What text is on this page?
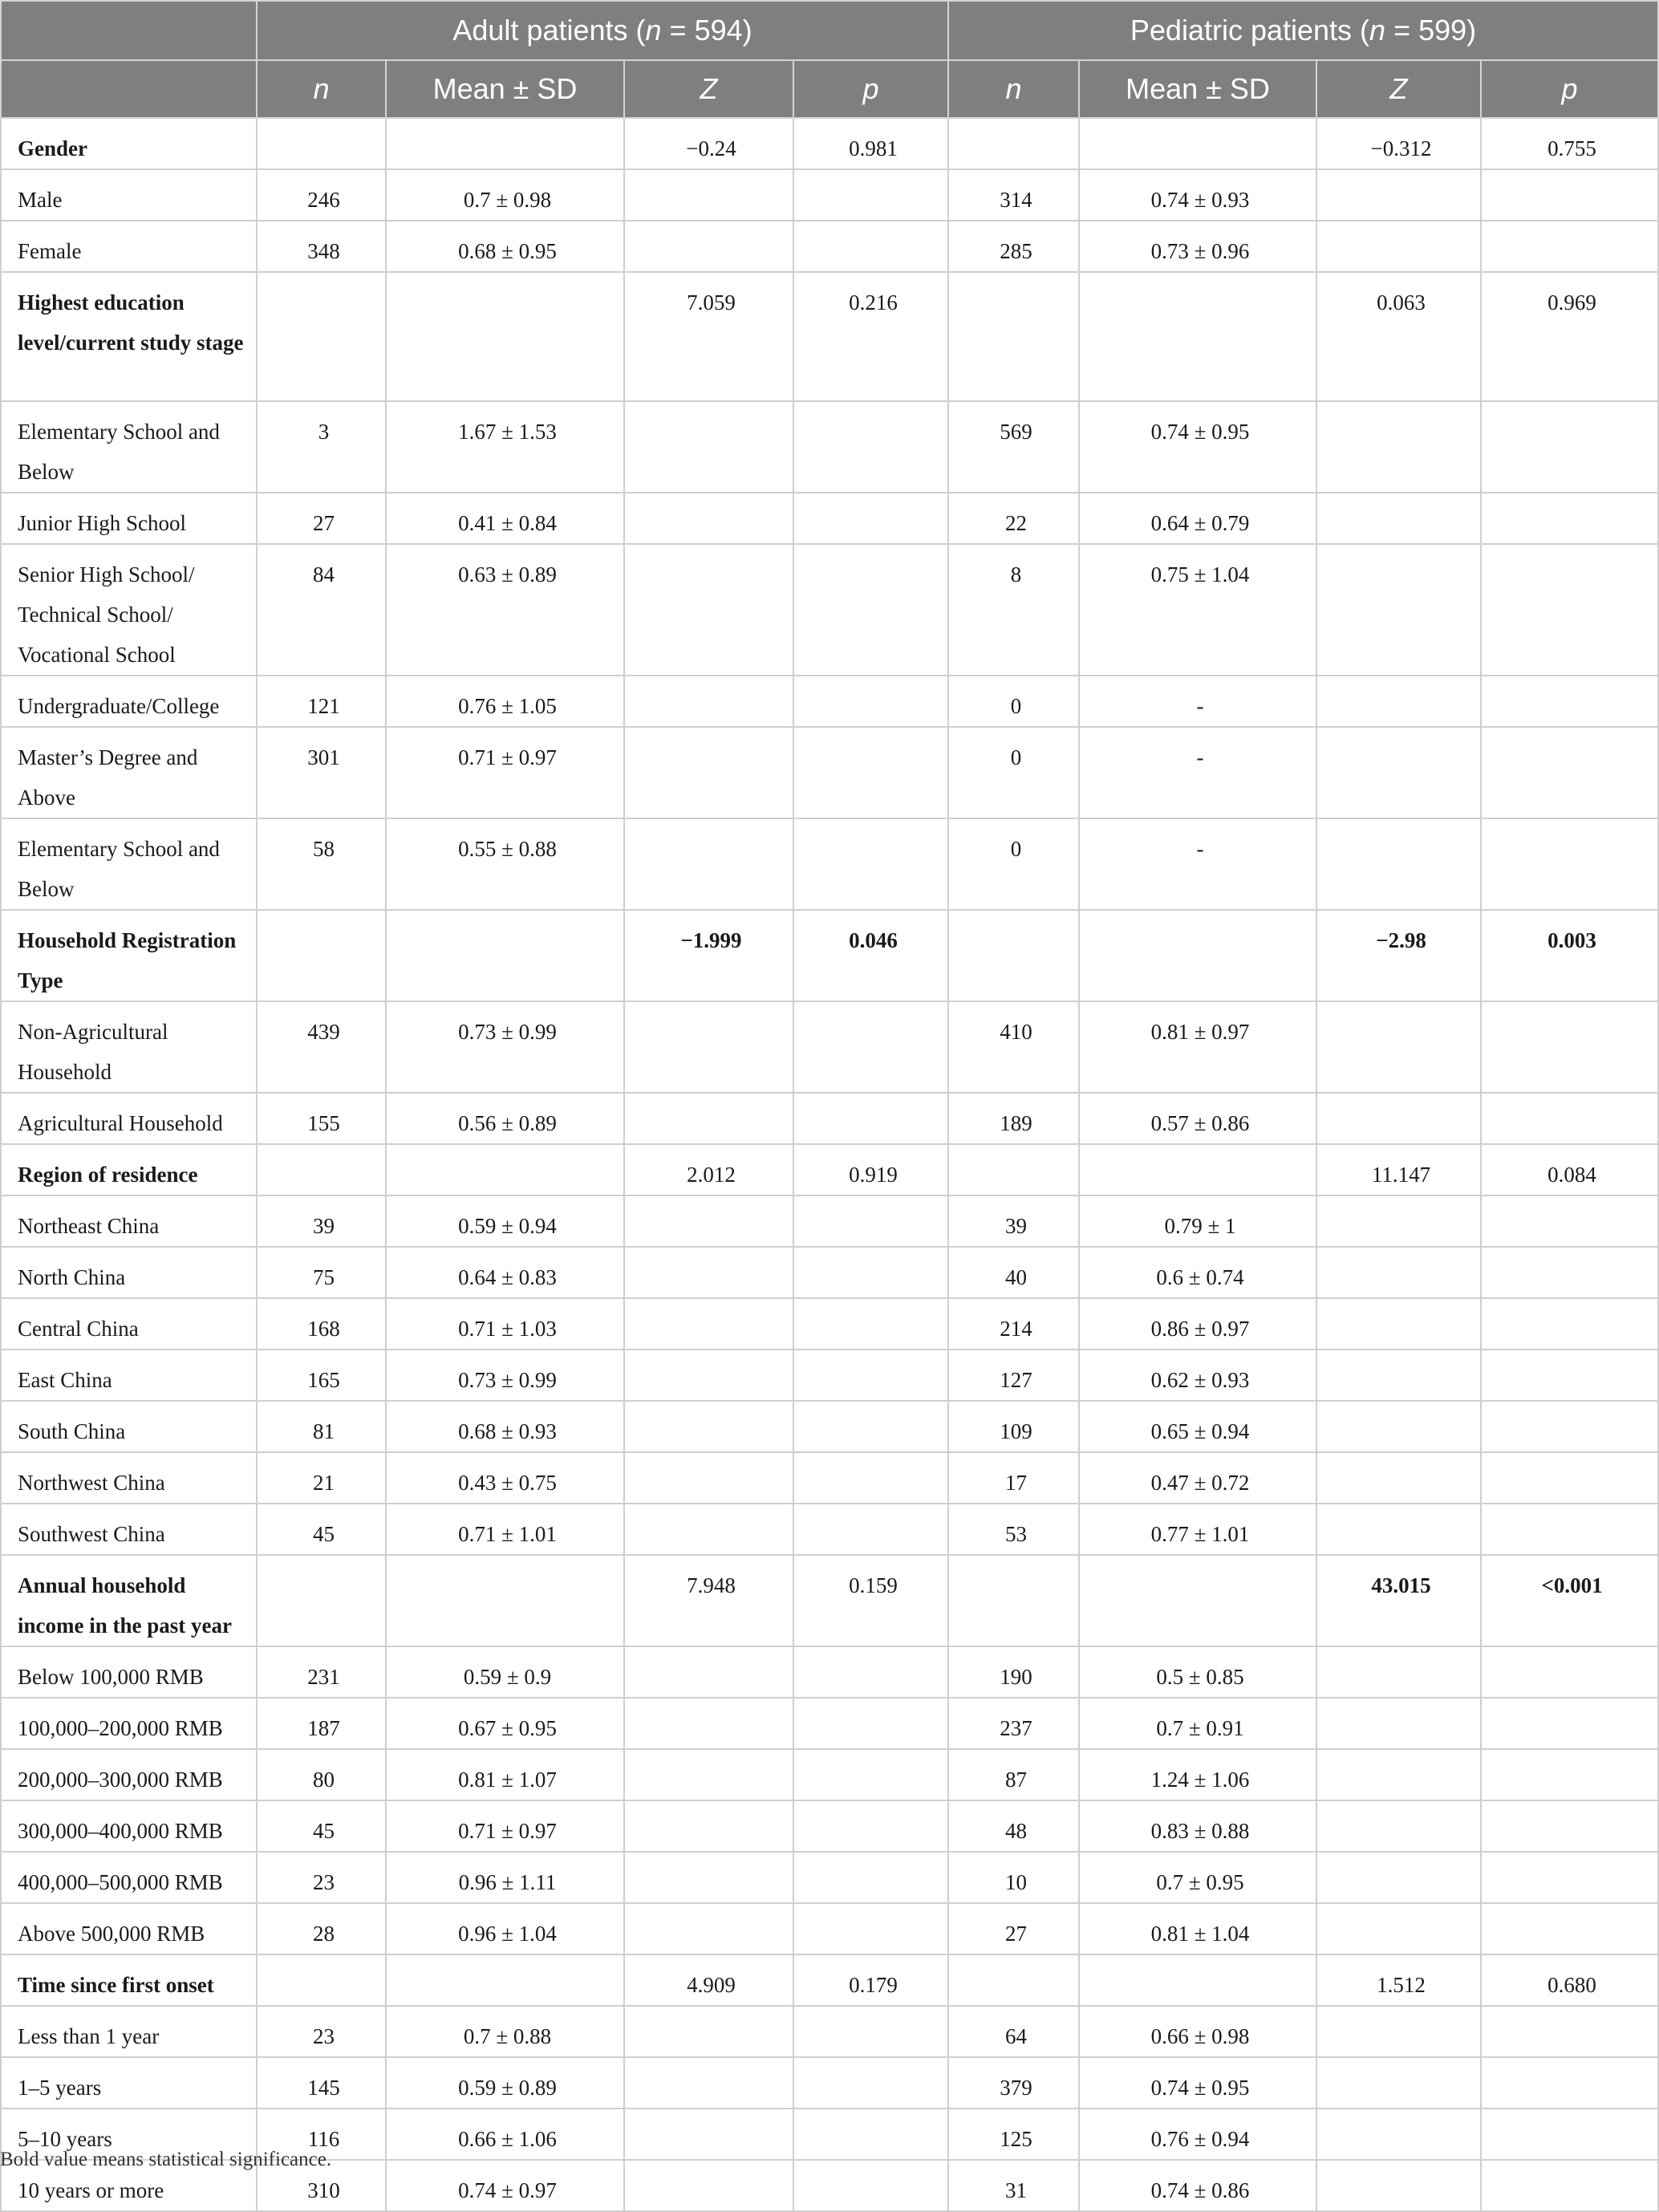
	Adult patients (n = 594)				Pediatric patients (n = 599)			
	n	Mean ± SD	Z	p	n	Mean ± SD	Z	p
Gender			−0.24	0.981			−0.312	0.755
Male	246	0.7 ± 0.98			314	0.74 ± 0.93		
Female	348	0.68 ± 0.95			285	0.73 ± 0.96		
Highest education level/current study stage			7.059	0.216			0.063	0.969
Elementary School and Below	3	1.67 ± 1.53			569	0.74 ± 0.95		
Junior High School	27	0.41 ± 0.84			22	0.64 ± 0.79		
Senior High School/ Technical School/ Vocational School	84	0.63 ± 0.89			8	0.75 ± 1.04		
Undergraduate/College	121	0.76 ± 1.05			0	-		
Master’s Degree and Above	301	0.71 ± 0.97			0	-		
Elementary School and Below	58	0.55 ± 0.88			0	-		
Household Registration Type			−1.999	0.046			−2.98	0.003
Non-Agricultural Household	439	0.73 ± 0.99			410	0.81 ± 0.97		
Agricultural Household	155	0.56 ± 0.89			189	0.57 ± 0.86		
Region of residence			2.012	0.919			11.147	0.084
Northeast China	39	0.59 ± 0.94			39	0.79 ± 1		
North China	75	0.64 ± 0.83			40	0.6 ± 0.74		
Central China	168	0.71 ± 1.03			214	0.86 ± 0.97		
East China	165	0.73 ± 0.99			127	0.62 ± 0.93		
South China	81	0.68 ± 0.93			109	0.65 ± 0.94		
Northwest China	21	0.43 ± 0.75			17	0.47 ± 0.72		
Southwest China	45	0.71 ± 1.01			53	0.77 ± 1.01		
Annual household income in the past year			7.948	0.159			43.015	<0.001
Below 100,000 RMB	231	0.59 ± 0.9			190	0.5 ± 0.85		
100,000–200,000 RMB	187	0.67 ± 0.95			237	0.7 ± 0.91		
200,000–300,000 RMB	80	0.81 ± 1.07			87	1.24 ± 1.06		
300,000–400,000 RMB	45	0.71 ± 0.97			48	0.83 ± 0.88		
400,000–500,000 RMB	23	0.96 ± 1.11			10	0.7 ± 0.95		
Above 500,000 RMB	28	0.96 ± 1.04			27	0.81 ± 1.04		
Time since first onset			4.909	0.179			1.512	0.680
Less than 1 year	23	0.7 ± 0.88			64	0.66 ± 0.98		
1–5 years	145	0.59 ± 0.89			379	0.74 ± 0.95		
5–10 years	116	0.66 ± 1.06			125	0.76 ± 0.94		
10 years or more	310	0.74 ± 0.97			31	0.74 ± 0.86		
Bold value means statistical significance.
